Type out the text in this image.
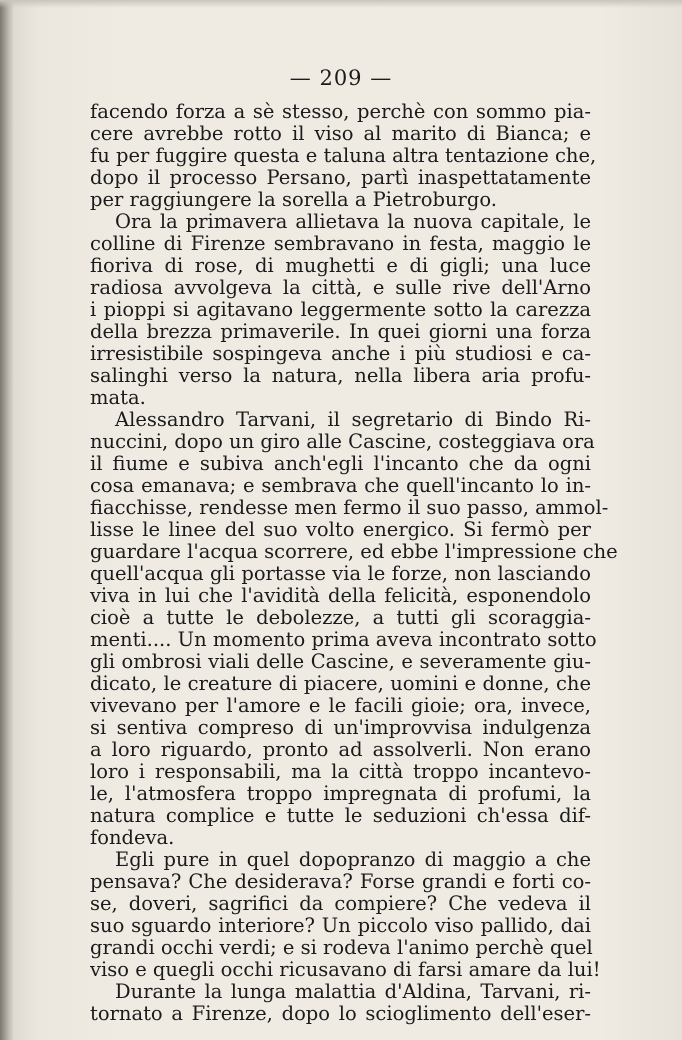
— 209 —
facendo forza a sè stesso, perchè con sommo pia-
cere avrebbe rotto il viso al marito di Bianca; e
fu per fuggire questa e taluna altra tentazione che,
dopo il processo Persano, partì inaspettatamente
per raggiungere la sorella a Pietroburgo.
Ora la primavera allietava la nuova capitale, le
colline di Firenze sembravano in festa, maggio le
fioriva di rose, di mughetti e di gigli; una luce
radiosa avvolgeva la città, e sulle rive dell'Arno
i pioppi si agitavano leggermente sotto la carezza
della brezza primaverile. In quei giorni una forza
irresistibile sospingeva anche i più studiosi e ca-
salinghi verso la natura, nella libera aria profu-
mata.
Alessandro Tarvani, il segretario di Bindo Ri-
nuccini, dopo un giro alle Cascine, costeggiava ora
il fiume e subiva anch'egli l'incanto che da ogni
cosa emanava; e sembrava che quell'incanto lo in-
fiacchisse, rendesse men fermo il suo passo, ammol-
lisse le linee del suo volto energico. Si fermò per
guardare l'acqua scorrere, ed ebbe l'impressione che
quell'acqua gli portasse via le forze, non lasciando
viva in lui che l'avidità della felicità, esponendolo
cioè a tutte le debolezze, a tutti gli scoraggia-
menti.... Un momento prima aveva incontrato sotto
gli ombrosi viali delle Cascine, e severamente giu-
dicato, le creature di piacere, uomini e donne, che
vivevano per l'amore e le facili gioie; ora, invece,
si sentiva compreso di un'improvvisa indulgenza
a loro riguardo, pronto ad assolverli. Non erano
loro i responsabili, ma la città troppo incantevo-
le, l'atmosfera troppo impregnata di profumi, la
natura complice e tutte le seduzioni ch'essa dif-
fondeva.
Egli pure in quel dopopranzo di maggio a che
pensava? Che desiderava? Forse grandi e forti co-
se, doveri, sagrifici da compiere? Che vedeva il
suo sguardo interiore? Un piccolo viso pallido, dai
grandi occhi verdi; e si rodeva l'animo perchè quel
viso e quegli occhi ricusavano di farsi amare da lui!
Durante la lunga malattia d'Aldina, Tarvani, ri-
tornato a Firenze, dopo lo scioglimento dell'eser-
